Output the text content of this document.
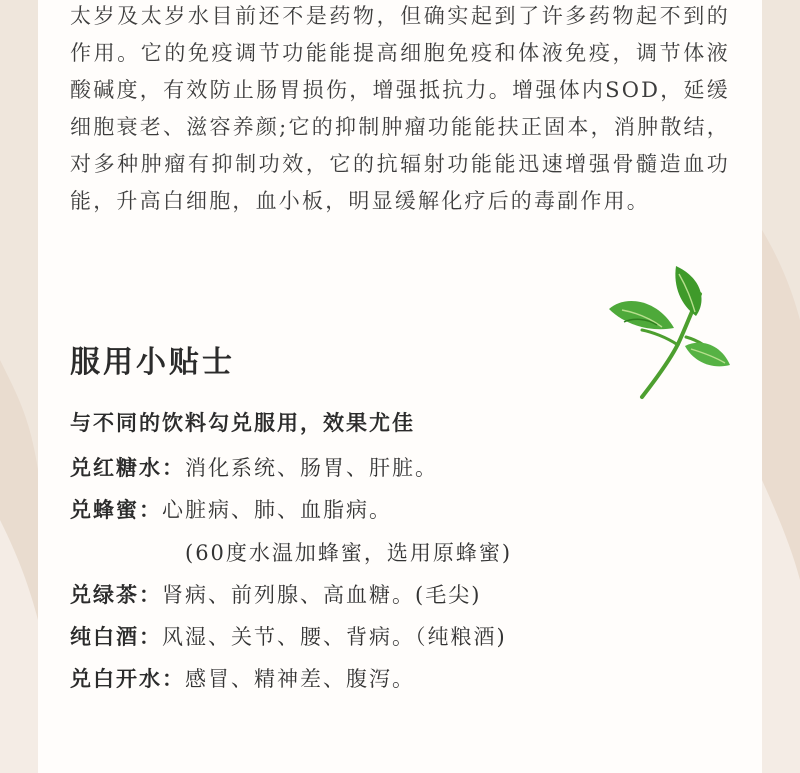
太岁及太岁水目前还不是药物，但确实起到了许多药物起不到的作用。它的免疫调节功能能提高细胞免疫和体液免疫，调节体液酸碱度，有效防止肠胃损伤，增强抵抗力。增强体内SOD，延缓细胞衰老、滋容养颜;它的抑制肿瘤功能能扶正固本，消肿散结，对多种肿瘤有抑制功效，它的抗辐射功能能迅速增强骨髓造血功能，升高白细胞，血小板，明显缓解化疗后的毒副作用。

服用小贴士

与不同的饮料勾兑服用，效果尤佳

兑红糖水：消化系统、肠胃、肝脏。

兑蜂蜜：心脏病、肺、血脂病。

(60度水温加蜂蜜，选用原蜂蜜)

兑绿茶：肾病、前列腺、高血糖。(毛尖)

纯白酒：风湿、关节、腰、背病。（纯粮酒)

兑白开水：感冒、精神差、腹泻。
